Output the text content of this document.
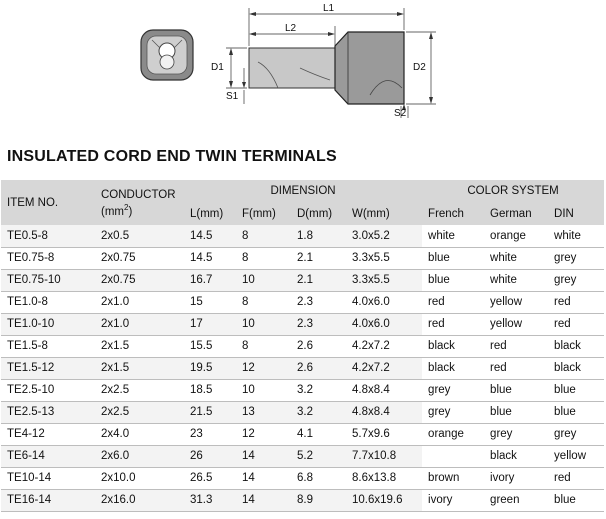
L1
L2
D1	D2
S1
S2
INSULATED CORD END TWIN TERMINALS
ITEM NO.	CONDUCTOR	DIMENSION				COLOR SYSTEM		
	$(mm^2)$	L(mm)	F(mm)	D(mm)	W(mm)	French	German	DIN
TE0.5-8	2x0.5	14.5	8	1.8	3.0x5.2	white	orange	white
TE0.75-8	2x0.75	14.5	8	2.1	3.3x5.5	blue	white	grey
TE0.75-10	2x0.75	16.7	10	2.1	3.3x5.5	blue	white	grey
TE1.0-8	2x1.0	15	8	2.3	4.0x6.0	red	yellow	red
TE1.0-10	2x1.0	17	10	2.3	4.0x6.0	red	yellow	red
TE1.5-8	2x1.5	15.5	8	2.6	4.2x7.2	black	red	black
TE1.5-12	2x1.5	19.5	12	2.6	4.2x7.2	black	red	black
TE2.5-10	2x2.5	18.5	10	3.2	4.8x8.4	grey	blue	blue
TE2.5-13	2x2.5	21.5	13	3.2	4.8x8.4	grey	blue	blue
TE4-12	2x4.0	23	12	4.1	5.7x9.6	orange	grey	grey
TE6-14	2x6.0	26	14	5.2	7.7x10.8		black	yellow
TE10-14	2x10.0	26.5	14	6.8	8.6x13.8	brown	ivory	red
TE16-14	2x16.0	31.3	14	8.9	10.6x19.6	ivory	green	blue
